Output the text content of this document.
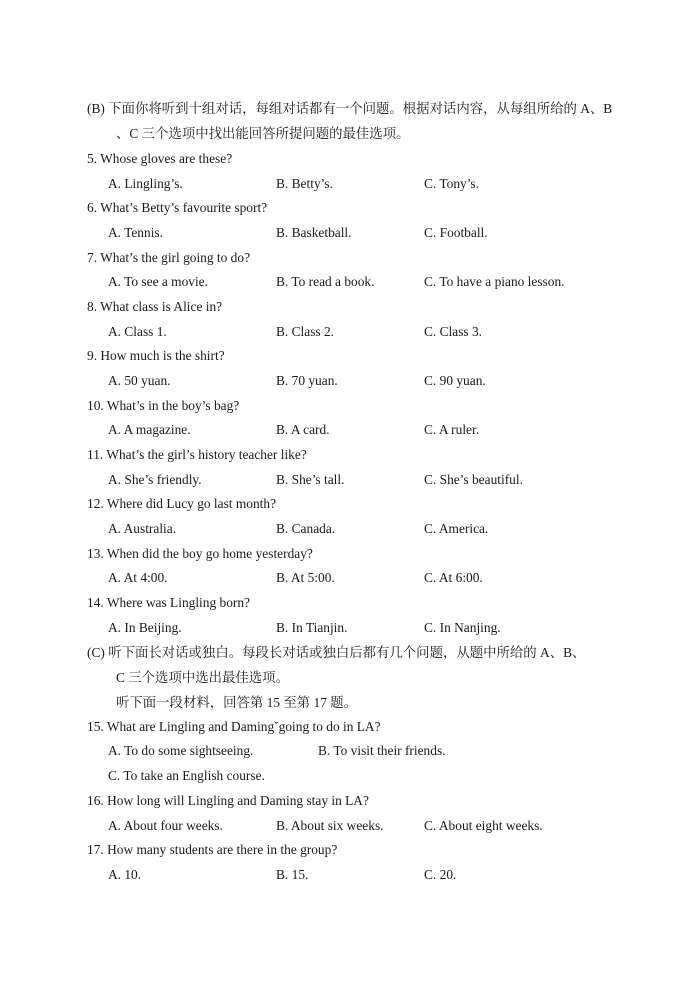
(B) 下面你将听到十组对话，每组对话都有一个问题。根据对话内容，从每组所给的 A、B
、C 三个选项中找出能回答所提问题的最佳选项。
5. Whose gloves are these?
A. Lingling’s.	B. Betty’s.	C. Tony’s.
6. What’s Betty’s favourite sport?
A. Tennis.	B. Basketball.	C. Football.
7. What’s the girl going to do?
A. To see a movie.	B. To read a book.	C. To have a piano lesson.
8. What class is Alice in?
A. Class 1.	B. Class 2.	C. Class 3.
9. How much is the shirt?
A. 50 yuan.	B. 70 yuan.	C. 90 yuan.
10. What’s in the boy’s bag?
A. A magazine.	B. A card.	C. A ruler.
11. What’s the girl’s history teacher like?
A. She’s friendly.	B. She’s tall.	C. She’s beautiful.
12. Where did Lucy go last month?
A. Australia.	B. Canada.	C. America.
13. When did the boy go home yesterday?
A. At 4:00.	B. At 5:00.	C. At 6:00.
14. Where was Lingling born?
A. In Beijing.	B. In Tianjin.	C. In Nanjing.
(C) 听下面长对话或独白。每段长对话或独白后都有几个问题，从题中所给的 A、B、
C 三个选项中选出最佳选项。
听下面一段材料，回答第 15 至第 17 题。
15. What are Lingling and Damingˇgoing to do in LA?
A. To do some sightseeing.	B. To visit their friends.
C. To take an English course.
16. How long will Lingling and Daming stay in LA?
A. About four weeks.	B. About six weeks.	C. About eight weeks.
17. How many students are there in the group?
A. 10.	B. 15.	C. 20.
